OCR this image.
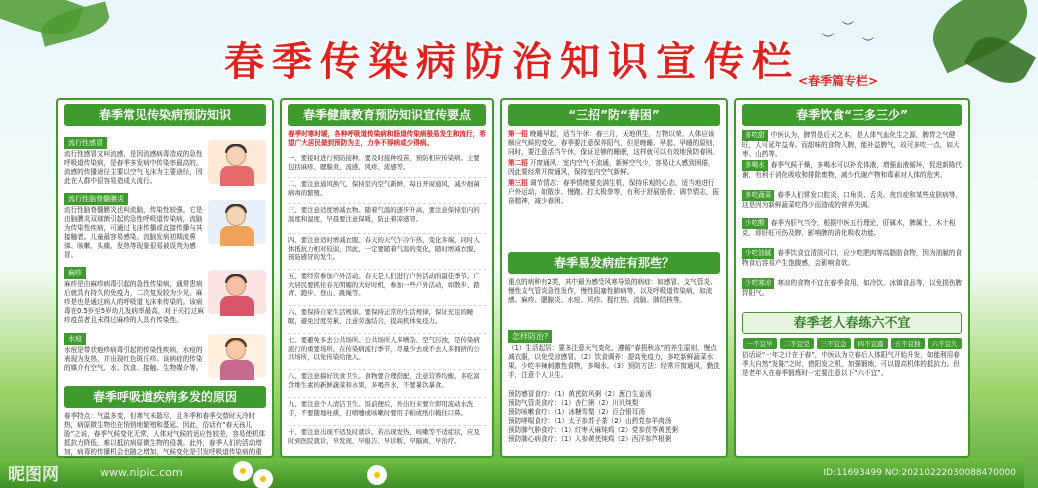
︶
︶
︶
春季传染病防治知识宣传栏
<春季篇专栏>
春季常见传染病预防知识
流行性感冒
流行性感冒又叫流感，是因流感病毒造成的急性呼吸道传染病，是春季多发病中传染率最高的。流感的传播途径主要以空气飞沫为主要途径，因此在人群中很容易造成大流行。
流行性脑脊髓膜炎
流行性脑脊髓膜炎也叫流脑，传染性较强。它是由脑膜炎双球菌引起的急性呼吸道传染病，流脑为传染性疾病，可通过飞沫传播或直接传播与其接触者。儿童最容易感染。流脑发病初期流鼻涕、咳嗽、头痛、发热等现象很易被误判为感冒。
麻疹
麻疹是由麻疹病毒引起的急性传染病，通常患病后就具有持久的免疫力，二次复发较为少见。麻疹是也是通过病人的呼吸道飞沫来传染的。该病毒在0.5岁至5岁幼儿发病率最高，对于关打过麻疹疫苗者且未得过麻疹的人具有传染性。
水痘
水痘是带状疱疹病毒引起的传染性疾病，水痘的表现为发热，并出现红色斑丘疹。该病症的传染的媒介有空气、水、饮食、接触、生物媒介等。
春季呼吸道疾病多发的原因
春季特点：气温多变，但寒气未散尽，且冬季和春季交替时天冷时热，病原微生物也在悄悄地繁殖和蔓延。因此，俗话有“春天孩儿脸”之说，春季气候变化无常，人体对气候的适应性较差，容易使机体抵抗力降低，难以抵抗病原微生物的侵袭。此外，春季人们的活动增加，病毒的传播机会也随之增加，气候变化是引发呼吸道传染病的重
春季健康教育预防知识宣传要点
春季时寒时暖，各种呼吸道传染病和肠道传染病极易发生和流行，希望广大居民做到预防为主，力争不得病或少得病。
一、要接时进行预防接种。要及时接种疫苗，预防相应传染病。主要包括麻疹、腮腺炎、流感、风疹、流感等。
二、要注意通风换气，保持室内空气新鲜，每日开窗通风，减少细菌病毒的繁殖。
三、要注意适度增减衣物。随着气温的逐步升高，要注意保持室内的温度和湿度，早晨要注意保暖，防止着凉感冒。
四、要注意适时增减衣服。春天的天气乍冷乍热，变化多端，同时人体抵抗力相对较弱，因此，一定要随着气温的变化，随时增减衣服，预防感冒的发生。
五、要经常参加户外活动。春天是人们进行户外活动的最佳季节。广大居民要抓住春光明媚的大好时机，参加一些户外活动，如散步、踏青、跑步、登山、跳绳等。
六、要保持自家生活规律。要保持正常的生活规律，保证充足的睡眠，避免过度劳累，注意劳逸结合，提高机体免疫力。
七、要避免多去公共场所。公共场所人多嘈杂、空气污浊，是传染病流行的重要场所。在传染病流行季节，尽量少去或不去人多拥挤的公共场所，以免传染给他人。
八、要注意搞好饮食卫生。食物要合理搭配，注意营养均衡，多吃富含维生素的新鲜蔬菜和水果，多喝开水，不要暴饮暴食。
九、要注意个人清洁卫生。饭前便后、外出归来要立即用流动水洗手，不要随地吐痰，打喷嚏或咳嗽时要用手帕或纸巾掩住口鼻。
十、要注意出现不适及时就诊。若出现发热、咳嗽等不适症状，应及时到医院就诊，早发现、早报告、早诊断、早隔离、早治疗。
“三招”防“春困”
第一招 晚睡早起，适当午休：春三月，天地俱生，万物以荣。人体应该顺应气候的变化，春季要注意保养阳气，但是晚睡、早起、早睡的原则，同时，要注意活当午休，保证足够的睡眠，这样就可以有效地预防春困。
第二招 开窗通风：室内空气不流通，新鲜空气少，容易让人感到困倦，因此要经常开窗通风，保持室内空气新鲜。
第三招 调节情志：春季情绪要充满生机，保持乐观的心态，适当地进行户外运动，如散步、慢跑、打太极拳等，有利于舒展筋骨，调节情志，振奋精神，减少春困。
春季易发病症有那些？
重点的病种有2类，其中最为感受风寒导致的病症：如感冒、支气管炎、慢性支气管炎急性发作，慢性阻塞性肺病等，以及呼吸道传染病，如流感、麻疹、腮腺炎、水痘、风疹、猩红热、流脑、肺结核等。
怎样防治?
（1）生活起居：要多注意天气变化，遵循“春捂秋冻”的养生原则，慢点减衣服，以免受凉感冒。（2）饮食调养：提高免疫力，多吃新鲜蔬菜水果，少吃辛辣刺激性食物，多喝水。（3）预防方法：经常开窗通风，勤洗手，注意个人卫生。
预防感冒食疗：（1）黄芪防风粥（2）葱白生姜汤
预防气管炎食疗：（1）杏仁粥（2）川贝炖梨
预防咳嗽食疗：（1）冰糖雪梨（2）百合银耳汤
预防哮喘食疗：（1）太子参苏子茶（2）山药党参羊肉汤
预防肺气肿食疗：（1）红枣天麻炖鸡（2）党参茯苓黄芪粥
预防肺心病食疗：（1）人参黄芪炖鸡（2）西洋参芦根粥
春季饮食“三多三少”
多吃甜 中医认为，脾胃是后天之本，是人体气血化生之源，脾胃之气健旺，人可延年益寿。而甜味的食物入脾，能补益脾气，故可多吃一点，如大枣、山药等。
多喝水 春季气候干燥，多喝水可以补充体液，增强血液循环，促进新陈代谢，有利于消化吸收和排除废物，减少代谢产物和毒素对人体的危害。
多吃蔬菜 春季人们常发口腔炎、口角炎、舌炎、夜盲症和某些皮肤病等，这是因为新鲜蔬菜吃得少而造成的营养失调。
少吃酸 春季为肝气当令，根据中医五行理论，肝属木，脾属土，木土相克，即肝旺可伤及脾，影响脾的消化吸收功能。
少吃油腻 春季饮食宜清淡可口，应少吃肥肉等高脂肪食物，因为油腻的食物食后容易产生饱腹感，会影响食欲。
少吃寒凉 寒凉的食物不宜在春季食用，如冷饮、冰镇食品等，以免损伤脾胃阳气。
春季老人春练六不宜
一不宜早	二不宜空	三不宜急	四不宜露	五不宜独	六不宜久
俗话说“一年之计在于春”，中医认为立春后人体阳气开始升发，如能利用春季大自然“发陈”之时，借阳发之机，加强锻炼，可以提高机体的抵抗力。但是老年人在春季锻炼时一定要注意以下“六不宜”。
昵图网	www.nipic.com	ID:11693499 NO:20210222030088470000
